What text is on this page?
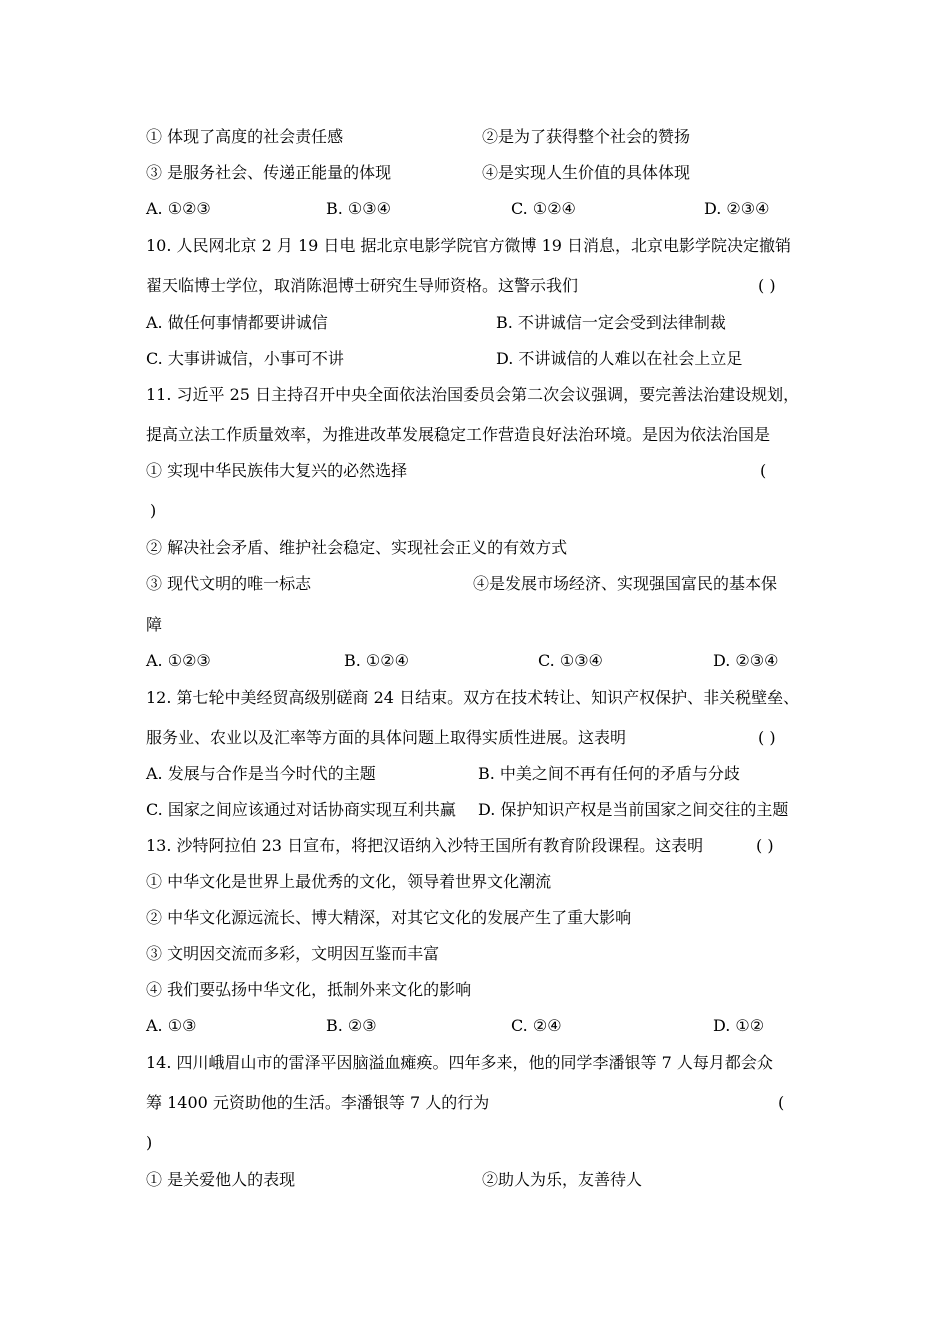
① 体现了高度的社会责任感	②是为了获得整个社会的赞扬
③ 是服务社会、传递正能量的体现	④是实现人生价值的具体体现
A. ①②③	B. ①③④	C. ①②④	D. ②③④
10. 人民网北京 2 月 19 日电 据北京电影学院官方微博 19 日消息，北京电影学院决定撤销
翟天临博士学位，取消陈浥博士研究生导师资格。这警示我们	( )
A. 做任何事情都要讲诚信	B. 不讲诚信一定会受到法律制裁
C. 大事讲诚信，小事可不讲	D. 不讲诚信的人难以在社会上立足
11. 习近平 25 日主持召开中央全面依法治国委员会第二次会议强调，要完善法治建设规划，
提高立法工作质量效率，为推进改革发展稳定工作营造良好法治环境。是因为依法治国是
① 实现中华民族伟大复兴的必然选择	(
)
② 解决社会矛盾、维护社会稳定、实现社会正义的有效方式
③ 现代文明的唯一标志	④是发展市场经济、实现强国富民的基本保
障
A. ①②③	B. ①②④	C. ①③④	D. ②③④
12. 第七轮中美经贸高级别磋商 24 日结束。双方在技术转让、知识产权保护、非关税壁垒、
服务业、农业以及汇率等方面的具体问题上取得实质性进展。这表明	( )
A. 发展与合作是当今时代的主题	B. 中美之间不再有任何的矛盾与分歧
C. 国家之间应该通过对话协商实现互利共赢 D. 保护知识产权是当前国家之间交往的主题
13. 沙特阿拉伯 23 日宣布，将把汉语纳入沙特王国所有教育阶段课程。这表明	( )
① 中华文化是世界上最优秀的文化，领导着世界文化潮流
② 中华文化源远流长、博大精深，对其它文化的发展产生了重大影响
③ 文明因交流而多彩，文明因互鉴而丰富
④ 我们要弘扬中华文化，抵制外来文化的影响
A. ①③	B. ②③	C. ②④	D. ①②
14. 四川峨眉山市的雷泽平因脑溢血瘫痪。四年多来，他的同学李潘银等 7 人每月都会众
筹 1400 元资助他的生活。李潘银等 7 人的行为	(
)
① 是关爱他人的表现	②助人为乐，友善待人
